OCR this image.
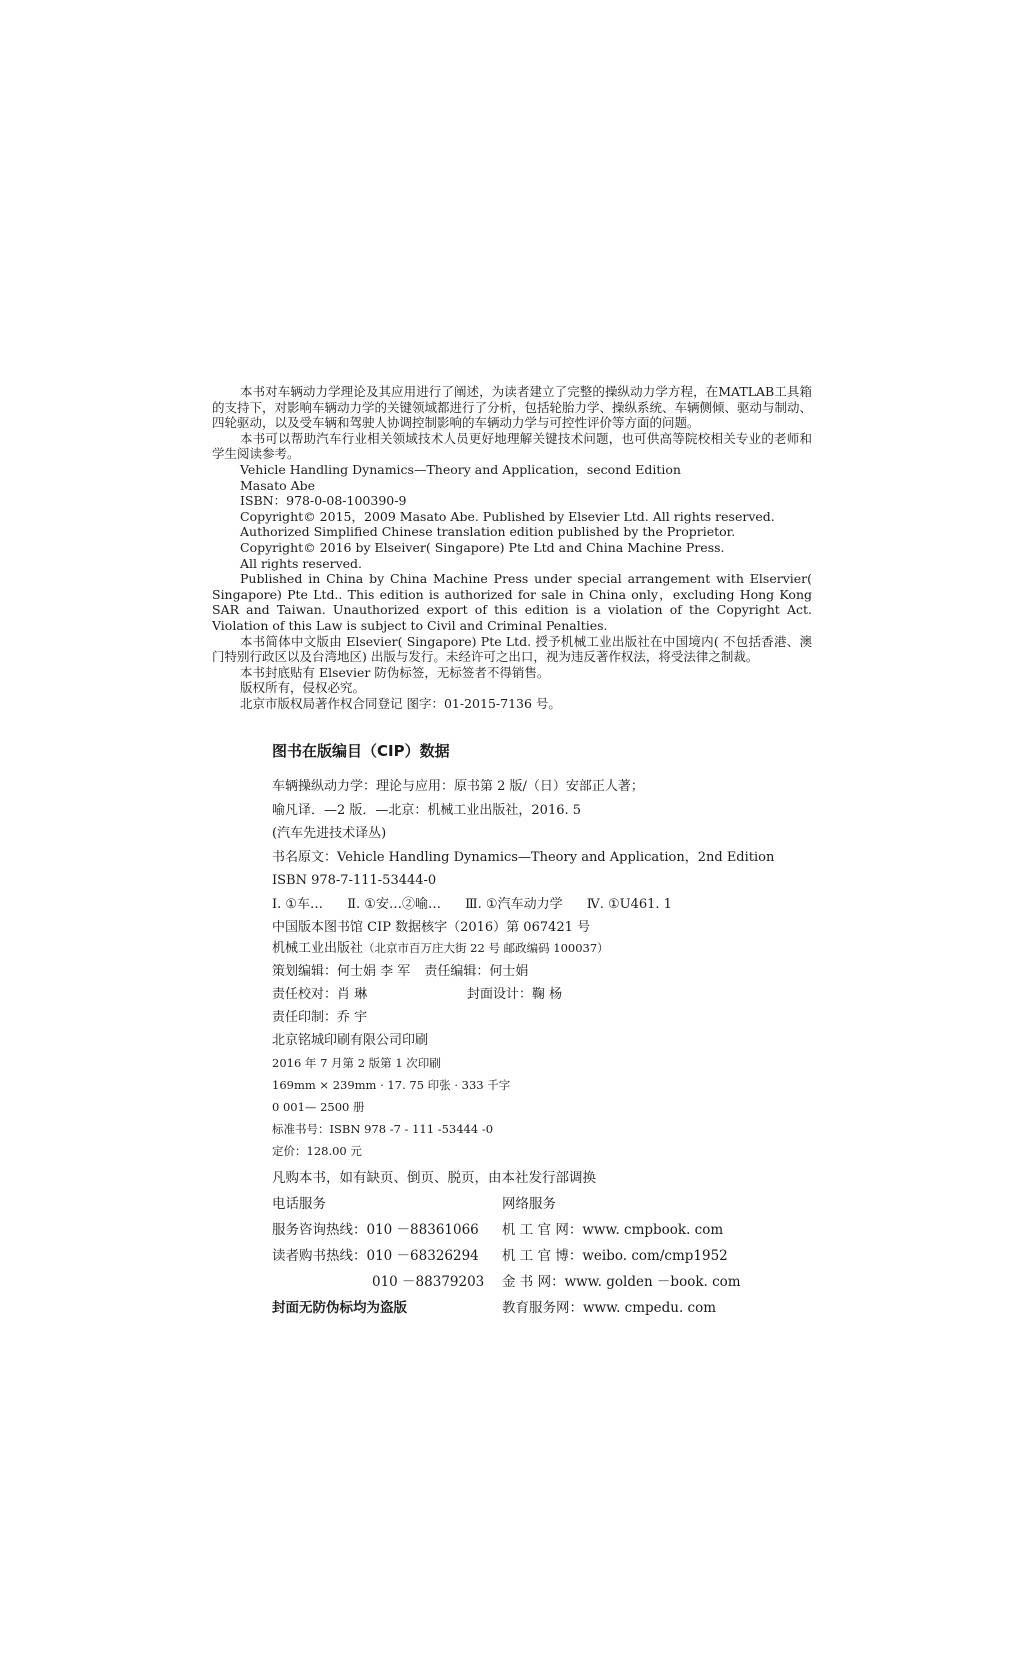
本书对车辆动力学理论及其应用进行了阐述，为读者建立了完整的操纵动力学方程，在MATLAB工具箱的支持下，对影响车辆动力学的关键领域都进行了分析，包括轮胎力学、操纵系统、车辆侧倾、驱动与制动、四轮驱动，以及受车辆和驾驶人协调控制影响的车辆动力学与可控性评价等方面的问题。

本书可以帮助汽车行业相关领域技术人员更好地理解关键技术问题，也可供高等院校相关专业的老师和学生阅读参考。

Vehicle Handling Dynamics—Theory and Application，second Edition

Masato Abe

ISBN：978-0-08-100390-9

Copyright© 2015，2009 Masato Abe. Published by Elsevier Ltd. All rights reserved.

Authorized Simplified Chinese translation edition published by the Proprietor.

Copyright© 2016 by Elseiver( Singapore) Pte Ltd and China Machine Press.

All rights reserved.

Published in China by China Machine Press under special arrangement with Elservier( Singapore) Pte Ltd.. This edition is authorized for sale in China only，excluding Hong Kong SAR and Taiwan. Unauthorized export of this edition is a violation of the Copyright Act. Violation of this Law is subject to Civil and Criminal Penalties.

本书简体中文版由 Elsevier( Singapore) Pte Ltd. 授予机械工业出版社在中国境内( 不包括香港、澳门特别行政区以及台湾地区) 出版与发行。未经许可之出口，视为违反著作权法，将受法律之制裁。

本书封底贴有 Elsevier 防伪标签，无标签者不得销售。

版权所有，侵权必究。

北京市版权局著作权合同登记 图字：01-2015-7136 号。

图书在版编目（CIP）数据
车辆操纵动力学：理论与应用：原书第 2 版/（日）安部正人著；
喻凡译．—2 版．—北京：机械工业出版社，2016. 5
(汽车先进技术译丛)
书名原文：Vehicle Handling Dynamics—Theory and Application，2nd Edition
ISBN 978-7-111-53444-0
Ⅰ. ①车… Ⅱ. ①安…②喻… Ⅲ. ①汽车动力学 Ⅳ. ①U461. 1
中国版本图书馆 CIP 数据核字（2016）第 067421 号
机械工业出版社（北京市百万庄大街 22 号 邮政编码 100037）
策划编辑：何士娟 李 军 责任编辑：何士娟
责任校对：肖 琳	封面设计：鞠 杨
责任印制：乔 宇
北京铭城印刷有限公司印刷
2016 年 7 月第 2 版第 1 次印刷
169mm × 239mm · 17. 75 印张 · 333 千字
0 001— 2500 册
标准书号：ISBN 978 -7 - 111 -53444 -0
定价：128.00 元
凡购本书，如有缺页、倒页、脱页，由本社发行部调换
电话服务	网络服务
服务咨询热线：010 －88361066	机 工 官 网：www. cmpbook. com
读者购书热线：010 －68326294	机 工 官 博：weibo. com/cmp1952
010 －88379203	金 书 网：www. golden －book. com
封面无防伪标均为盗版	教育服务网：www. cmpedu. com
